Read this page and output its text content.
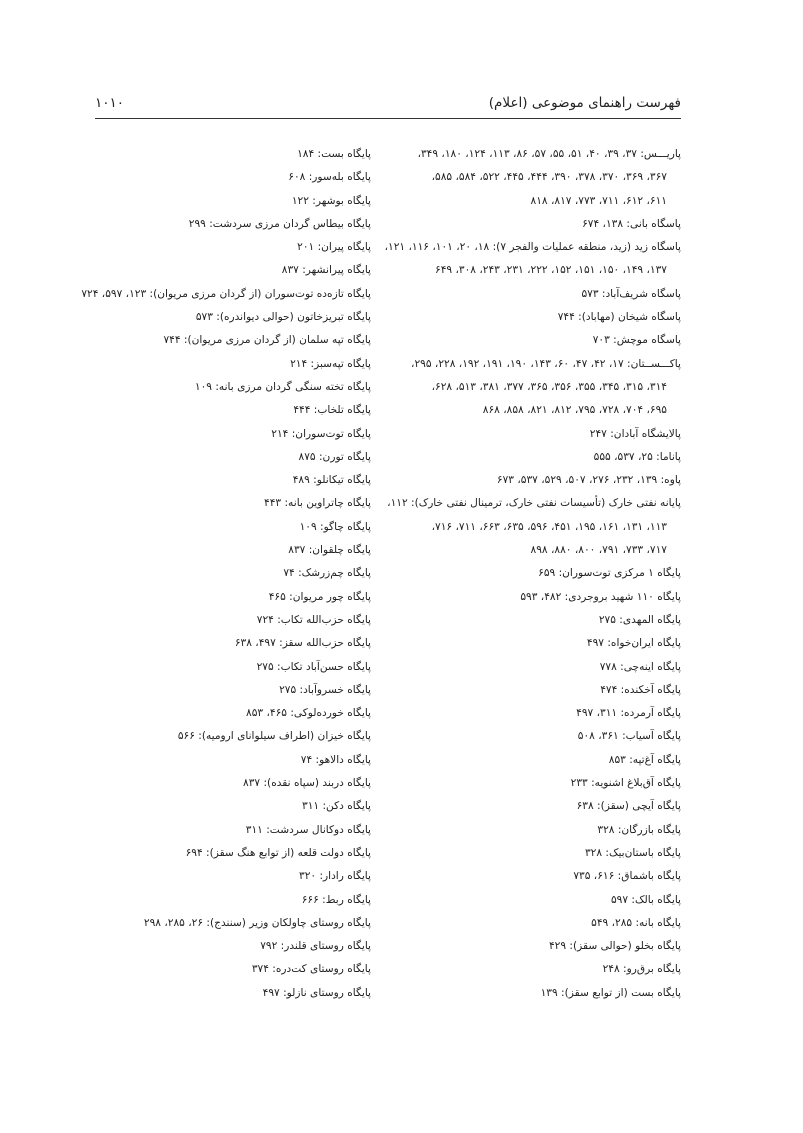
فهرست راهنمای موضوعی (اعلام)
۱۰۱۰
پاریـــس: ۳۷، ۳۹، ۴۰، ۵۱، ۵۵، ۵۷، ۸۶، ۱۱۳، ۱۲۴، ۱۸۰، ۳۴۹،
۳۶۷، ۳۶۹، ۳۷۰، ۳۷۸، ۳۹۰، ۴۴۴، ۴۴۵، ۵۲۲، ۵۸۴، ۵۸۵،
۶۱۱، ۶۱۲، ۷۱۱، ۷۷۳، ۸۱۷، ۸۱۸
پاسگاه بانی: ۱۳۸، ۶۷۴
پاسگاه زید (زید، منطقه عملیات والفجر ۷): ۱۸، ۲۰، ۱۰۱، ۱۱۶، ۱۲۱،
۱۳۷، ۱۴۹، ۱۵۰، ۱۵۱، ۱۵۲، ۲۲۲، ۲۳۱، ۲۴۳، ۳۰۸، ۶۴۹
پاسگاه شریف‌آباد: ۵۷۳
پاسگاه شیخان (مهاباد): ۷۴۴
پاسگاه موچش: ۷۰۳
پاکـــســتان: ۱۷، ۴۲، ۴۷، ۶۰، ۱۴۳، ۱۹۰، ۱۹۱، ۱۹۲، ۲۲۸، ۲۹۵،
۳۱۴، ۳۱۵، ۳۴۵، ۳۵۵، ۳۵۶، ۳۶۵، ۳۷۷، ۳۸۱، ۵۱۳، ۶۲۸،
۶۹۵، ۷۰۴، ۷۲۸، ۷۹۵، ۸۱۲، ۸۲۱، ۸۵۸، ۸۶۸
پالایشگاه آبادان: ۲۴۷
پاناما: ۲۵، ۵۳۷، ۵۵۵
پاوه: ۱۳۹، ۲۳۲، ۲۷۶، ۵۰۷، ۵۲۹، ۵۳۷، ۶۷۳
پایانه نفتی خارک (تأسیسات نفتی خارک، ترمینال نفتی خارک): ۱۱۲،
۱۱۳، ۱۳۱، ۱۶۱، ۱۹۵، ۴۵۱، ۵۹۶، ۶۳۵، ۶۶۳، ۷۱۱، ۷۱۶،
۷۱۷، ۷۳۳، ۷۹۱، ۸۰۰، ۸۸۰، ۸۹۸
پایگاه ۱ مرکزی توت‌سوران: ۶۵۹
پایگاه ۱۱۰ شهید بروجردی: ۴۸۲، ۵۹۳
پایگاه المهدی: ۲۷۵
پایگاه ایران‌خواه: ۴۹۷
پایگاه اینه‌چی: ۷۷۸
پایگاه آخکنده: ۴۷۴
پایگاه آرمرده: ۳۱۱، ۴۹۷
پایگاه آسیاب: ۳۶۱، ۵۰۸
پایگاه آغ‌تپه: ۸۵۳
پایگاه آق‌بلاغ اشنویه: ۲۳۳
پایگاه آیچی (سقز): ۶۳۸
پایگاه بازرگان: ۳۲۸
پایگاه باستان‌بیک: ۳۲۸
پایگاه باشماق: ۶۱۶، ۷۳۵
پایگاه بالک: ۵۹۷
پایگاه بانه: ۲۸۵، ۵۴۹
پایگاه بخلو (حوالی سقز): ۴۲۹
پایگاه برق‌رو: ۲۴۸
پایگاه بست (از توابع سقز): ۱۳۹
پایگاه بست: ۱۸۴
پایگاه بله‌سور: ۶۰۸
پایگاه بوشهر: ۱۲۲
پایگاه بیطاس گردان مرزی سردشت: ۲۹۹
پایگاه پیران: ۲۰۱
پایگاه پیرانشهر: ۸۳۷
پایگاه تازه‌ده توت‌سوران (از گردان مرزی مریوان): ۱۲۳، ۵۹۷، ۷۲۴
پایگاه تبریزخاتون (حوالی دیواندره): ۵۷۳
پایگاه تپه سلمان (از گردان مرزی مریوان): ۷۴۴
پایگاه تپه‌سبز: ۲۱۴
پایگاه تخته سنگی گردان مرزی بانه: ۱۰۹
پایگاه تلخاب: ۴۴۴
پایگاه توت‌سوران: ۲۱۴
پایگاه تورن: ۸۷۵
پایگاه تیکانلو: ۴۸۹
پایگاه چاتراوین بانه: ۴۴۳
پایگاه چاگو: ۱۰۹
پایگاه چلقوان: ۸۳۷
پایگاه چم‌زرشک: ۷۴
پایگاه چور مریوان: ۴۶۵
پایگاه حزب‌الله تکاب: ۷۲۴
پایگاه حزب‌الله سقز: ۴۹۷، ۶۳۸
پایگاه حسن‌آباد تکاب: ۲۷۵
پایگاه خسروآباد: ۲۷۵
پایگاه خورده‌لوکی: ۴۶۵، ۸۵۳
پایگاه خیزان (اطراف سیلوانای ارومیه): ۵۶۶
پایگاه دالاهو: ۷۴
پایگاه دربند (سپاه نقده): ۸۳۷
پایگاه دکن: ۳۱۱
پایگاه دوکانال سردشت: ۳۱۱
پایگاه دولت قلعه (از توابع هنگ سقز): ۶۹۴
پایگاه رادار: ۳۲۰
پایگاه ربط: ۶۶۶
پایگاه روستای چاولکان وزیر (سنندج): ۲۶، ۲۸۵، ۲۹۸
پایگاه روستای قلندر: ۷۹۲
پایگاه روستای کت‌دره: ۳۷۴
پایگاه روستای نازلو: ۴۹۷
